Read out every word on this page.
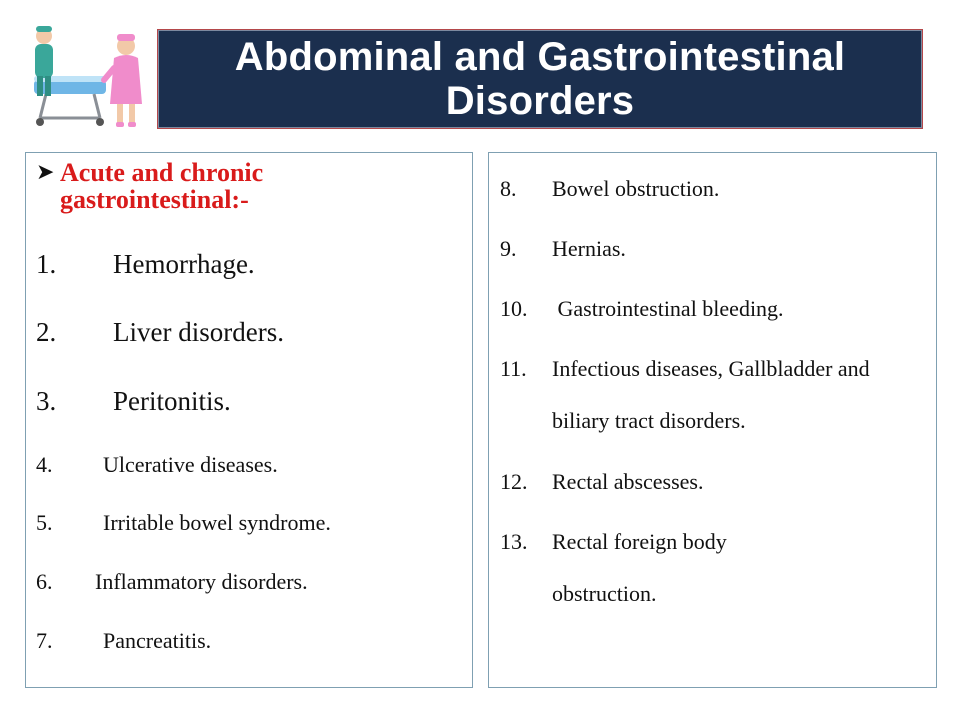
Abdominal and Gastrointestinal Disorders
➤ Acute and chronic gastrointestinal:-
1.	Hemorrhage.
2.	Liver disorders.
3.	Peritonitis.
4.	Ulcerative diseases.
5.	Irritable bowel syndrome.
6.	Inflammatory disorders.
7.	Pancreatitis.
8.	Bowel obstruction.
9.	Hernias.
10.	Gastrointestinal bleeding.
11.	Infectious diseases, Gallbladder and biliary tract disorders.
12.	Rectal abscesses.
13.	Rectal foreign body obstruction.
